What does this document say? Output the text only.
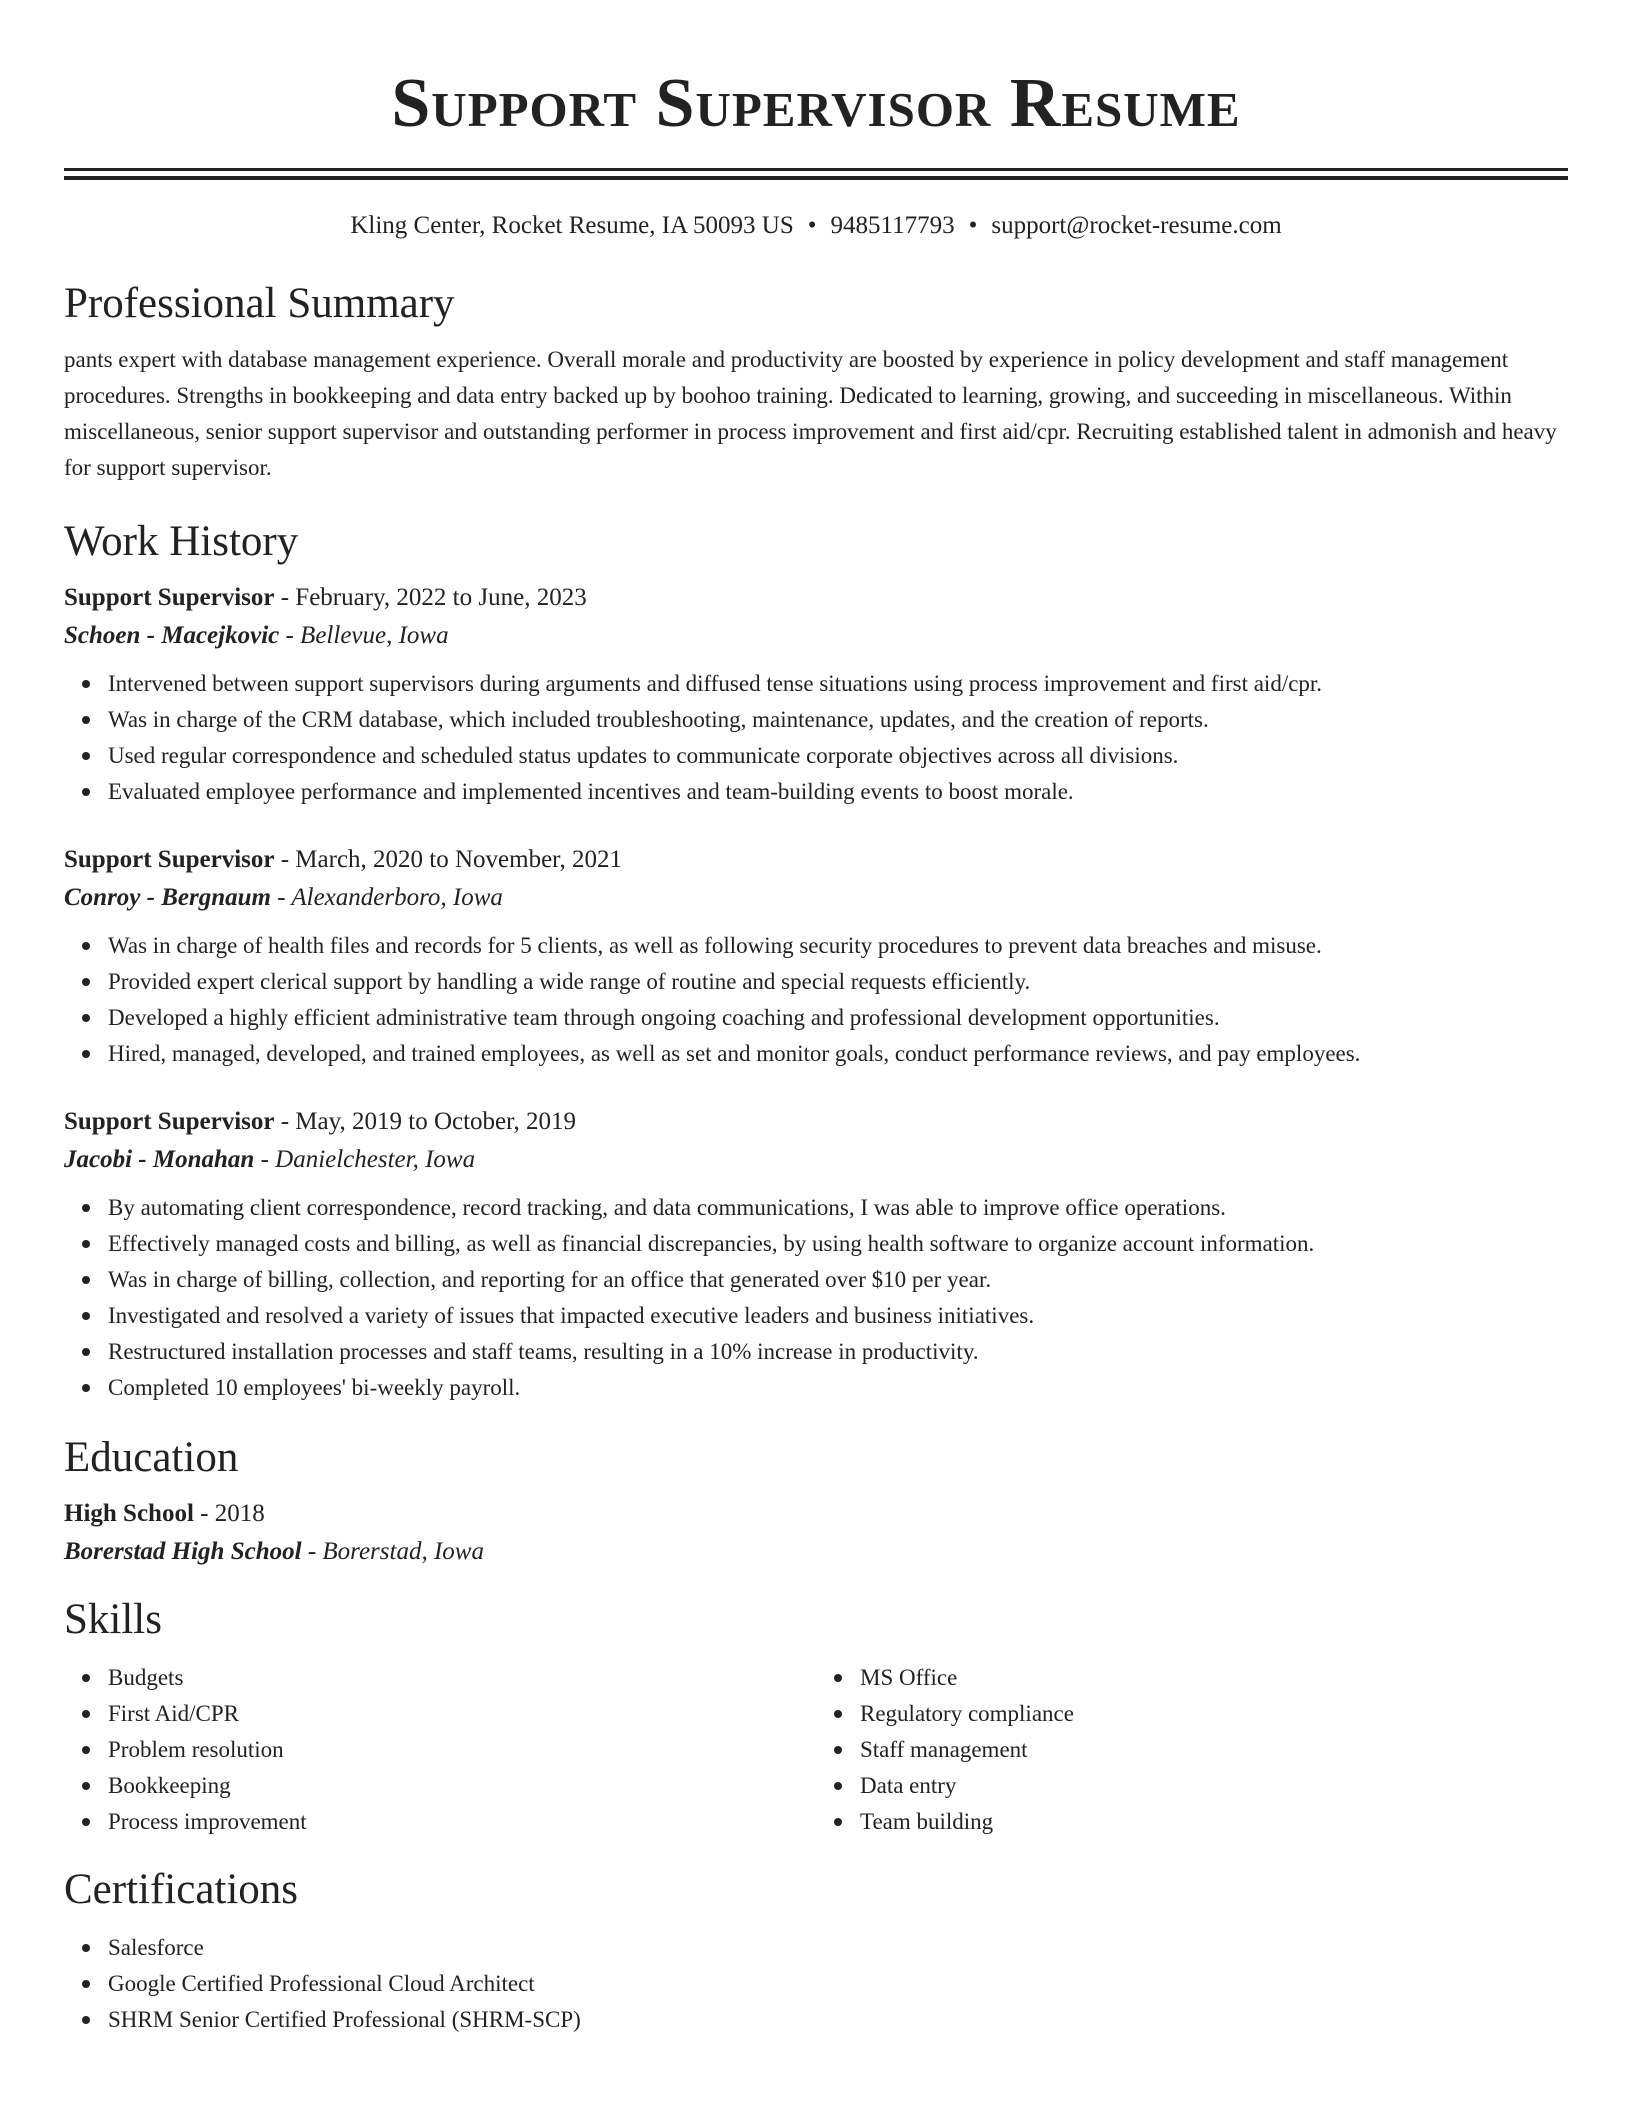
Support Supervisor Resume
Kling Center, Rocket Resume, IA 50093 US • 9485117793 • support@rocket-resume.com
Professional Summary

pants expert with database management experience. Overall morale and productivity are boosted by experience in policy development and staff management procedures. Strengths in bookkeeping and data entry backed up by boohoo training. Dedicated to learning, growing, and succeeding in miscellaneous. Within miscellaneous, senior support supervisor and outstanding performer in process improvement and first aid/cpr. Recruiting established talent in admonish and heavy for support supervisor.

Work History
Support Supervisor - February, 2022 to June, 2023
Schoen - Macejkovic - Bellevue, Iowa
Intervened between support supervisors during arguments and diffused tense situations using process improvement and first aid/cpr.
Was in charge of the CRM database, which included troubleshooting, maintenance, updates, and the creation of reports.
Used regular correspondence and scheduled status updates to communicate corporate objectives across all divisions.
Evaluated employee performance and implemented incentives and team-building events to boost morale.
Support Supervisor - March, 2020 to November, 2021
Conroy - Bergnaum - Alexanderboro, Iowa
Was in charge of health files and records for 5 clients, as well as following security procedures to prevent data breaches and misuse.
Provided expert clerical support by handling a wide range of routine and special requests efficiently.
Developed a highly efficient administrative team through ongoing coaching and professional development opportunities.
Hired, managed, developed, and trained employees, as well as set and monitor goals, conduct performance reviews, and pay employees.
Support Supervisor - May, 2019 to October, 2019
Jacobi - Monahan - Danielchester, Iowa
By automating client correspondence, record tracking, and data communications, I was able to improve office operations.
Effectively managed costs and billing, as well as financial discrepancies, by using health software to organize account information.
Was in charge of billing, collection, and reporting for an office that generated over $10 per year.
Investigated and resolved a variety of issues that impacted executive leaders and business initiatives.
Restructured installation processes and staff teams, resulting in a 10% increase in productivity.
Completed 10 employees' bi-weekly payroll.
Education
High School - 2018
Borerstad High School - Borerstad, Iowa
Skills
Budgets
First Aid/CPR
Problem resolution
Bookkeeping
Process improvement
MS Office
Regulatory compliance
Staff management
Data entry
Team building
Certifications
Salesforce
Google Certified Professional Cloud Architect
SHRM Senior Certified Professional (SHRM-SCP)
